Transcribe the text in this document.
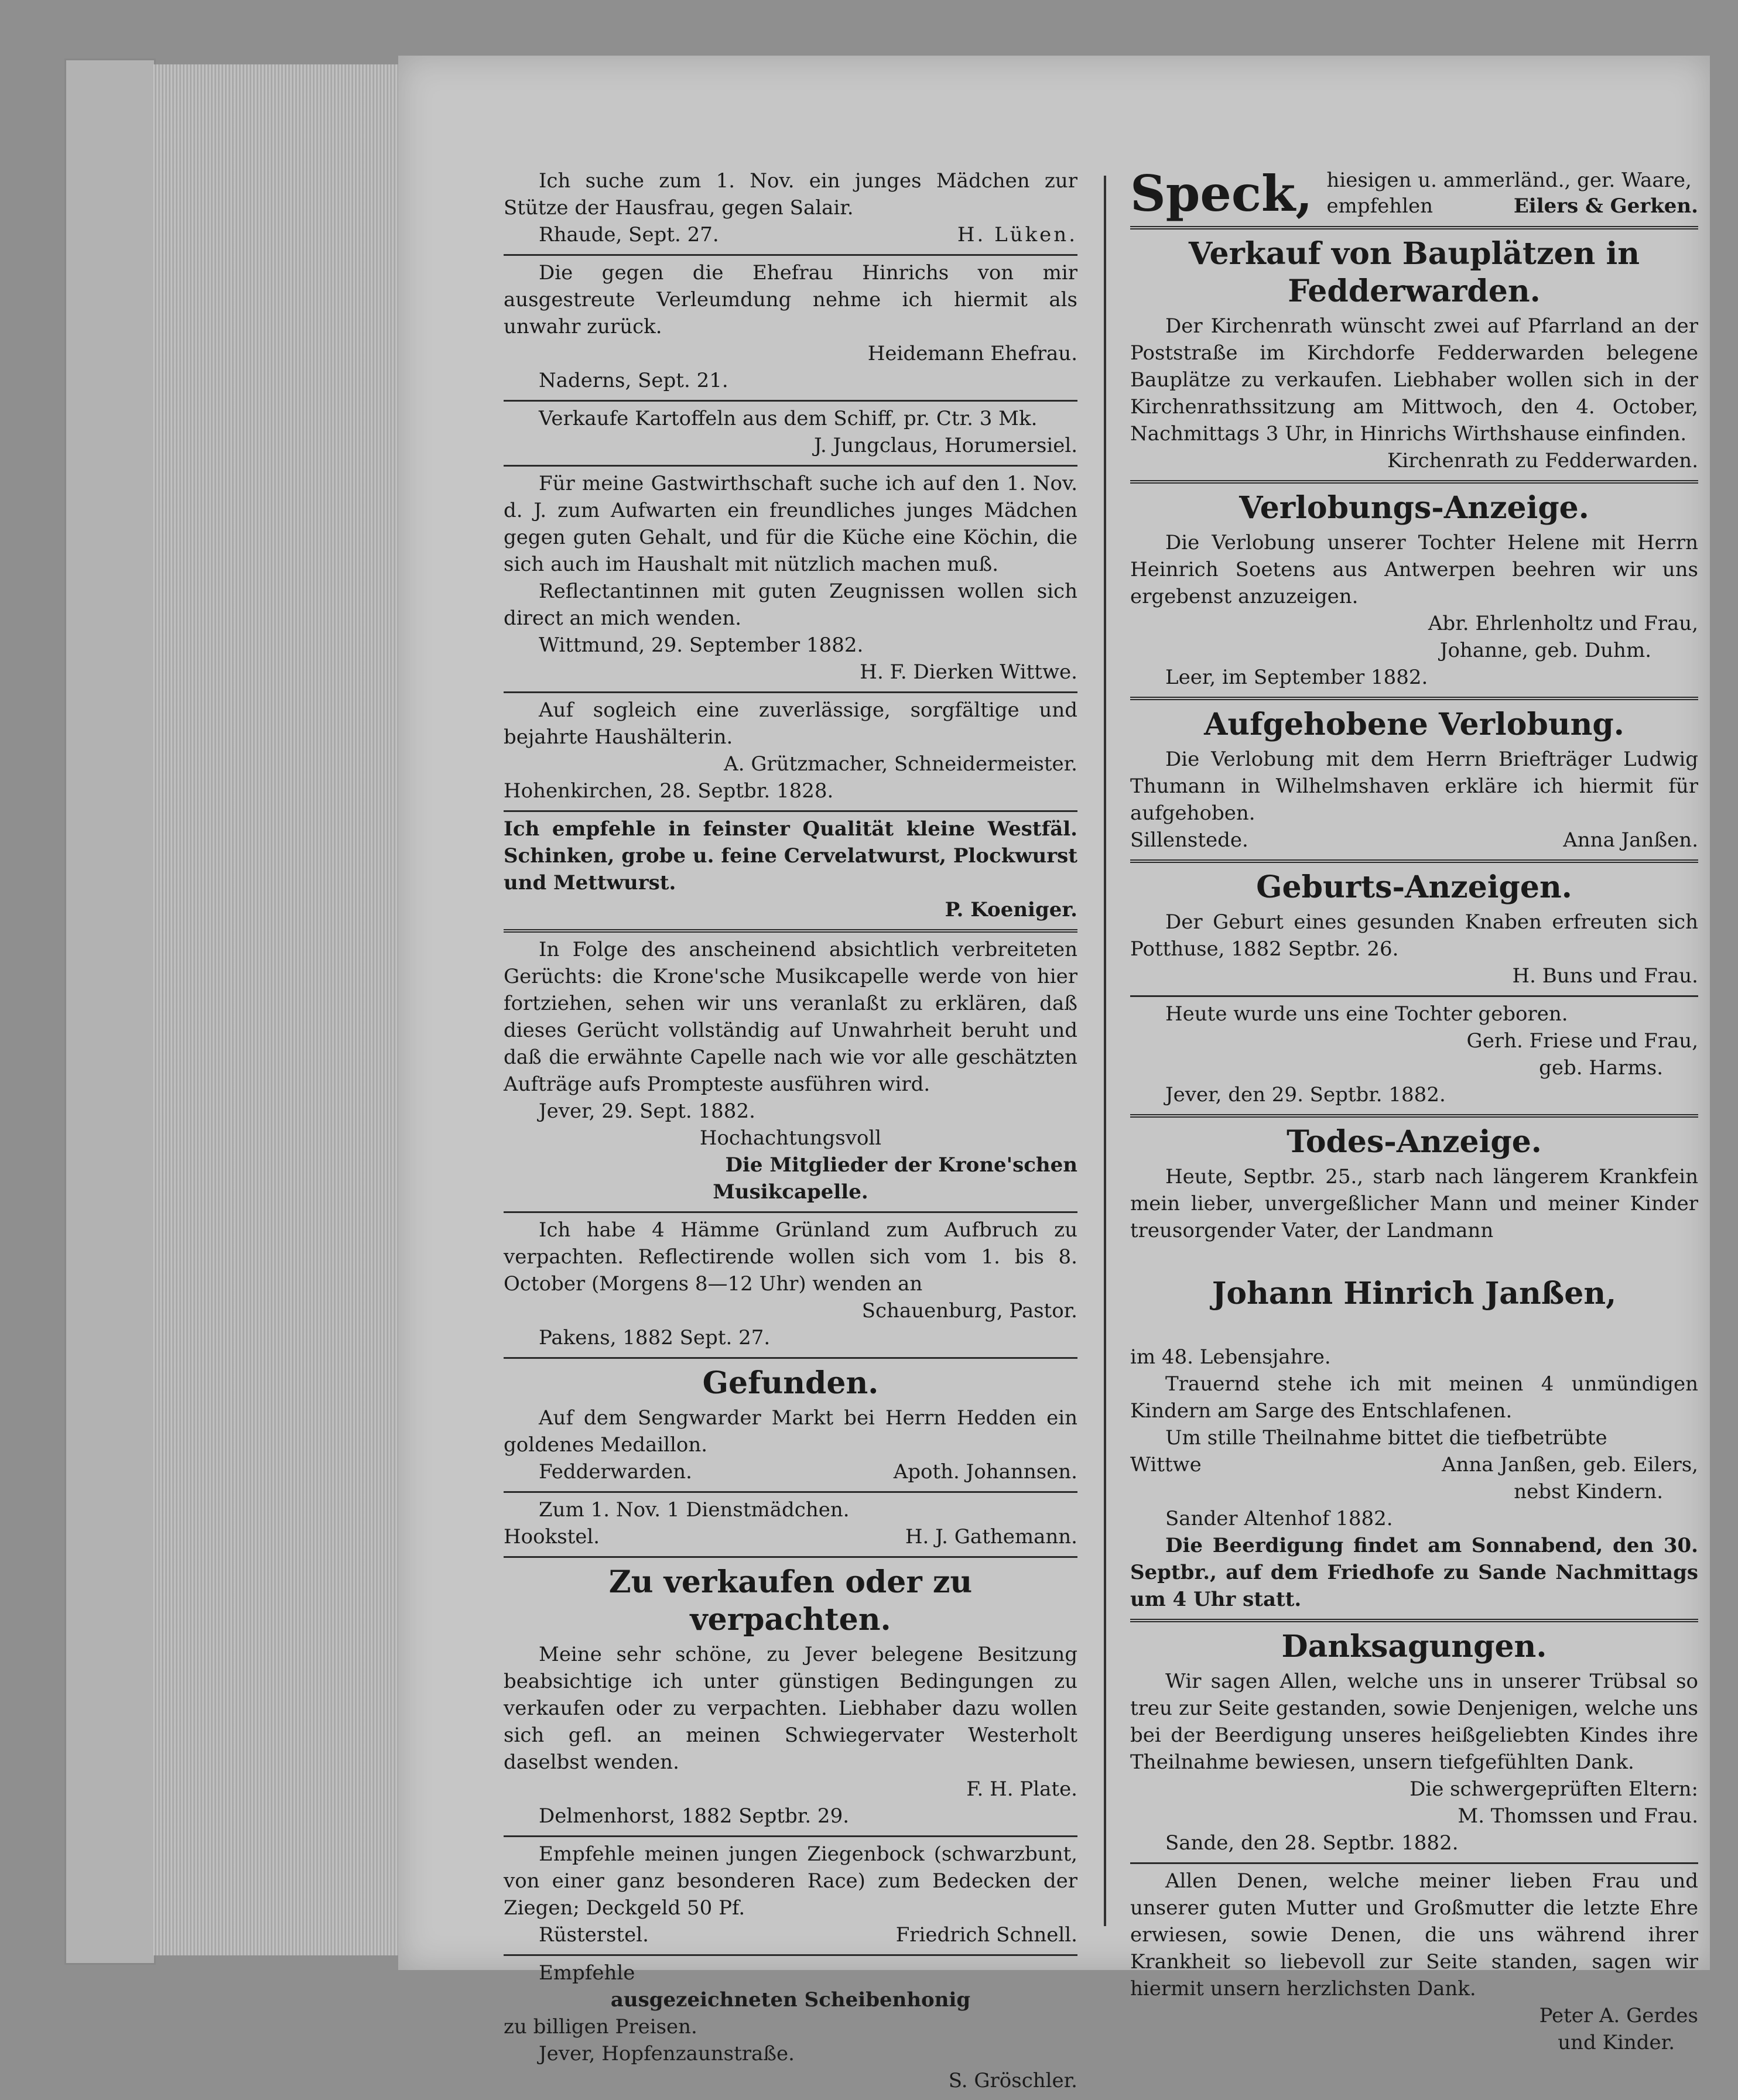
Ich suche zum 1. Nov. ein junges Mädchen zur Stütze der Hausfrau, gegen Salair.

Rhaude, Sept. 27.	H. Lüken.

Die gegen die Ehefrau Hinrichs von mir ausgestreute Verleumdung nehme ich hiermit als unwahr zurück.

Heidemann Ehefrau.

Naderns, Sept. 21.

Verkaufe Kartoffeln aus dem Schiff, pr. Ctr. 3 Mk.

J. Jungclaus, Horumersiel.

Für meine Gastwirthschaft suche ich auf den 1. Nov. d. J. zum Aufwarten ein freundliches junges Mädchen gegen guten Gehalt, und für die Küche eine Köchin, die sich auch im Haushalt mit nützlich machen muß.

Reflectantinnen mit guten Zeugnissen wollen sich direct an mich wenden.

Wittmund, 29. September 1882.

H. F. Dierken Wittwe.

Auf sogleich eine zuverlässige, sorgfältige und bejahrte Haushälterin.

A. Grützmacher, Schneidermeister.

Hohenkirchen, 28. Septbr. 1828.

Ich empfehle in feinster Qualität kleine Westfäl. Schinken, grobe u. feine Cervelatwurst, Plockwurst und Mettwurst.

P. Koeniger.

In Folge des anscheinend absichtlich verbreiteten Gerüchts: die Krone'sche Musikcapelle werde von hier fortziehen, sehen wir uns veranlaßt zu erklären, daß dieses Gerücht vollständig auf Unwahrheit beruht und daß die erwähnte Capelle nach wie vor alle geschätzten Aufträge aufs Promptestе ausführen wird.

Jever, 29. Sept. 1882.

Hochachtungsvoll

Die Mitglieder der Krone'schen

Musikcapelle.

Ich habe 4 Hämme Grünland zum Aufbruch zu verpachten. Reflectirende wollen sich vom 1. bis 8. October (Morgens 8—12 Uhr) wenden an

Schauenburg, Pastor.

Pakens, 1882 Sept. 27.

Gefunden.

Auf dem Sengwarder Markt bei Herrn Hedden ein goldenes Medaillon.

Fedderwarden.	Apoth. Johannsen.

Zum 1. Nov. 1 Dienstmädchen.

Hookstel.	H. J. Gathemann.

Zu verkaufen oder zu verpachten.

Meine sehr schöne, zu Jever belegene Besitzung beabsichtige ich unter günstigen Bedingungen zu verkaufen oder zu verpachten. Liebhaber dazu wollen sich gefl. an meinen Schwiegervater Westerholt daselbst wenden.

F. H. Plate.

Delmenhorst, 1882 Septbr. 29.

Empfehle meinen jungen Ziegenbock (schwarzbunt, von einer ganz besonderen Race) zum Bedecken der Ziegen; Deckgeld 50 Pf.

Rüsterstel.	Friedrich Schnell.

Empfehle

ausgezeichneten Scheibenhonig

zu billigen Preisen.

Jever, Hopfenzaunstraße.

S. Gröschler.

Speck, hiesigen u. ammerländ., ger. Waare,
empfehlen	Eilers & Gerken.

Verkauf von Bauplätzen in Fedderwarden.

Der Kirchenrath wünscht zwei auf Pfarrland an der Poststraße im Kirchdorfe Fedderwarden belegene Bauplätze zu verkaufen. Liebhaber wollen sich in der Kirchenrathssitzung am Mittwoch, den 4. October, Nachmittags 3 Uhr, in Hinrichs Wirthshause einfinden.

Kirchenrath zu Fedderwarden.

Verlobungs-Anzeige.

Die Verlobung unserer Tochter Helene mit Herrn Heinrich Soetens aus Antwerpen beehren wir uns ergebenst anzuzeigen.

Abr. Ehrlenholtz und Frau,

Johanne, geb. Duhm.

Leer, im September 1882.

Aufgehobene Verlobung.

Die Verlobung mit dem Herrn Briefträger Ludwig Thumann in Wilhelmshaven erkläre ich hiermit für aufgehoben.

Sillenstede.	Anna Janßen.

Geburts-Anzeigen.

Der Geburt eines gesunden Knaben erfreuten sich Potthuse, 1882 Septbr. 26.

H. Buns und Frau.

Heute wurde uns eine Tochter geboren.

Gerh. Friese und Frau,

geb. Harms.

Jever, den 29. Septbr. 1882.

Todes-Anzeige.

Heute, Septbr. 25., starb nach längerem Krankfein mein lieber, unvergeßlicher Mann und meiner Kinder treusorgender Vater, der Landmann

Johann Hinrich Janßen,

im 48. Lebensjahre.

Trauernd stehe ich mit meinen 4 unmündigen Kindern am Sarge des Entschlafenen.

Um stille Theilnahme bittet die tiefbetrübte

Wittwe	Anna Janßen, geb. Eilers,

nebst Kindern.

Sander Altenhof 1882.

Die Beerdigung findet am Sonnabend, den 30. Septbr., auf dem Friedhofe zu Sande Nachmittags um 4 Uhr statt.

Danksagungen.

Wir sagen Allen, welche uns in unserer Trübsal so treu zur Seite gestanden, sowie Denjenigen, welche uns bei der Beerdigung unseres heißgeliebten Kindes ihre Theilnahme bewiesen, unsern tiefgefühlten Dank.

Die schwergeprüften Eltern:

M. Thomssen und Frau.

Sande, den 28. Septbr. 1882.

Allen Denen, welche meiner lieben Frau und unserer guten Mutter und Großmutter die letzte Ehre erwiesen, sowie Denen, die uns während ihrer Krankheit so liebevoll zur Seite standen, sagen wir hiermit unsern herzlichsten Dank.

Peter A. Gerdes

und Kinder.
